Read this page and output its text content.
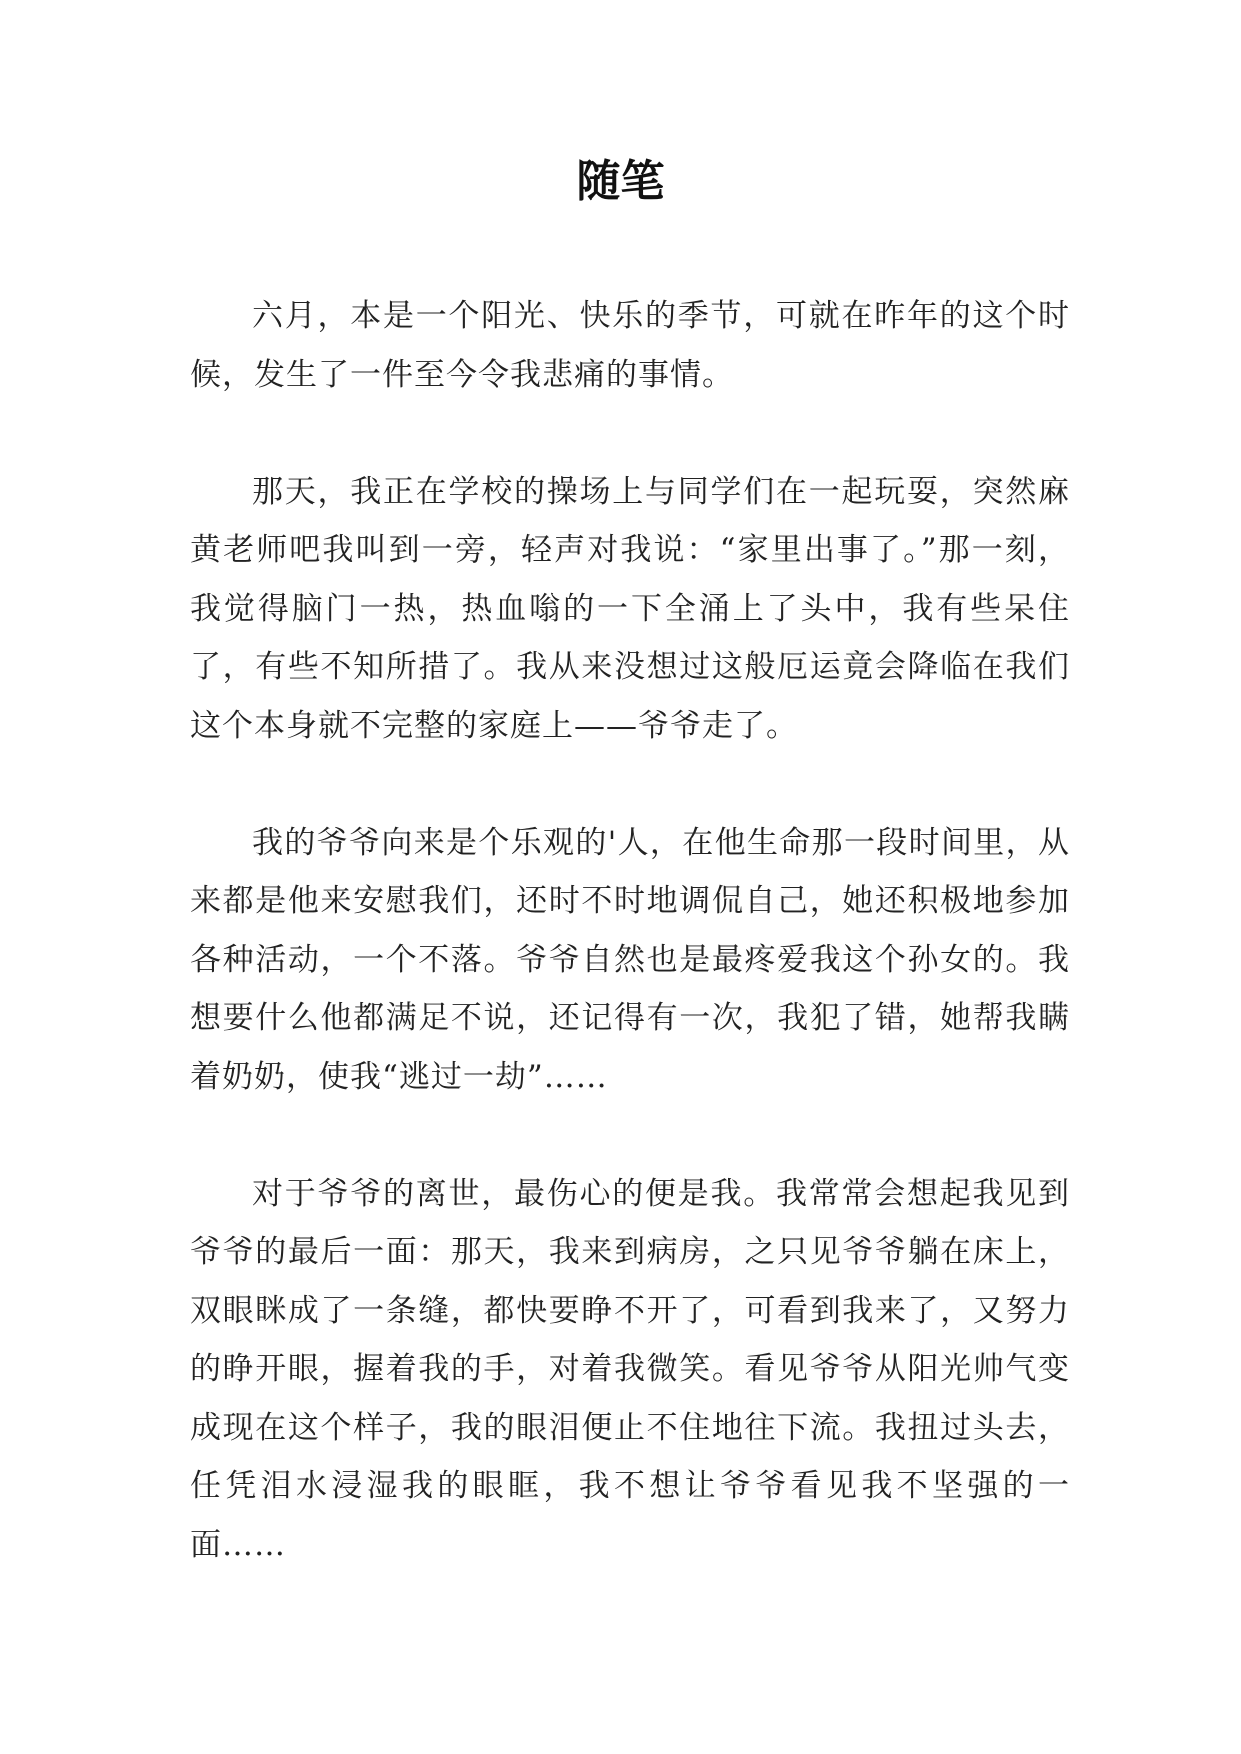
随笔

六月，本是一个阳光、快乐的季节，可就在昨年的这个时候，发生了一件至今令我悲痛的事情。

那天，我正在学校的操场上与同学们在一起玩耍，突然麻黄老师吧我叫到一旁，轻声对我说：“家里出事了。”那一刻，我觉得脑门一热，热血嗡的一下全涌上了头中，我有些呆住了，有些不知所措了。我从来没想过这般厄运竟会降临在我们这个本身就不完整的家庭上——爷爷走了。

我的爷爷向来是个乐观的'人，在他生命那一段时间里，从来都是他来安慰我们，还时不时地调侃自己，她还积极地参加各种活动，一个不落。爷爷自然也是最疼爱我这个孙女的。我想要什么他都满足不说，还记得有一次，我犯了错，她帮我瞒着奶奶，使我“逃过一劫”……

对于爷爷的离世，最伤心的便是我。我常常会想起我见到爷爷的最后一面：那天，我来到病房，之只见爷爷躺在床上，双眼眯成了一条缝，都快要睁不开了，可看到我来了，又努力的睁开眼，握着我的手，对着我微笑。看见爷爷从阳光帅气变成现在这个样子，我的眼泪便止不住地往下流。我扭过头去，任凭泪水浸湿我的眼眶，我不想让爷爷看见我不坚强的一面……
